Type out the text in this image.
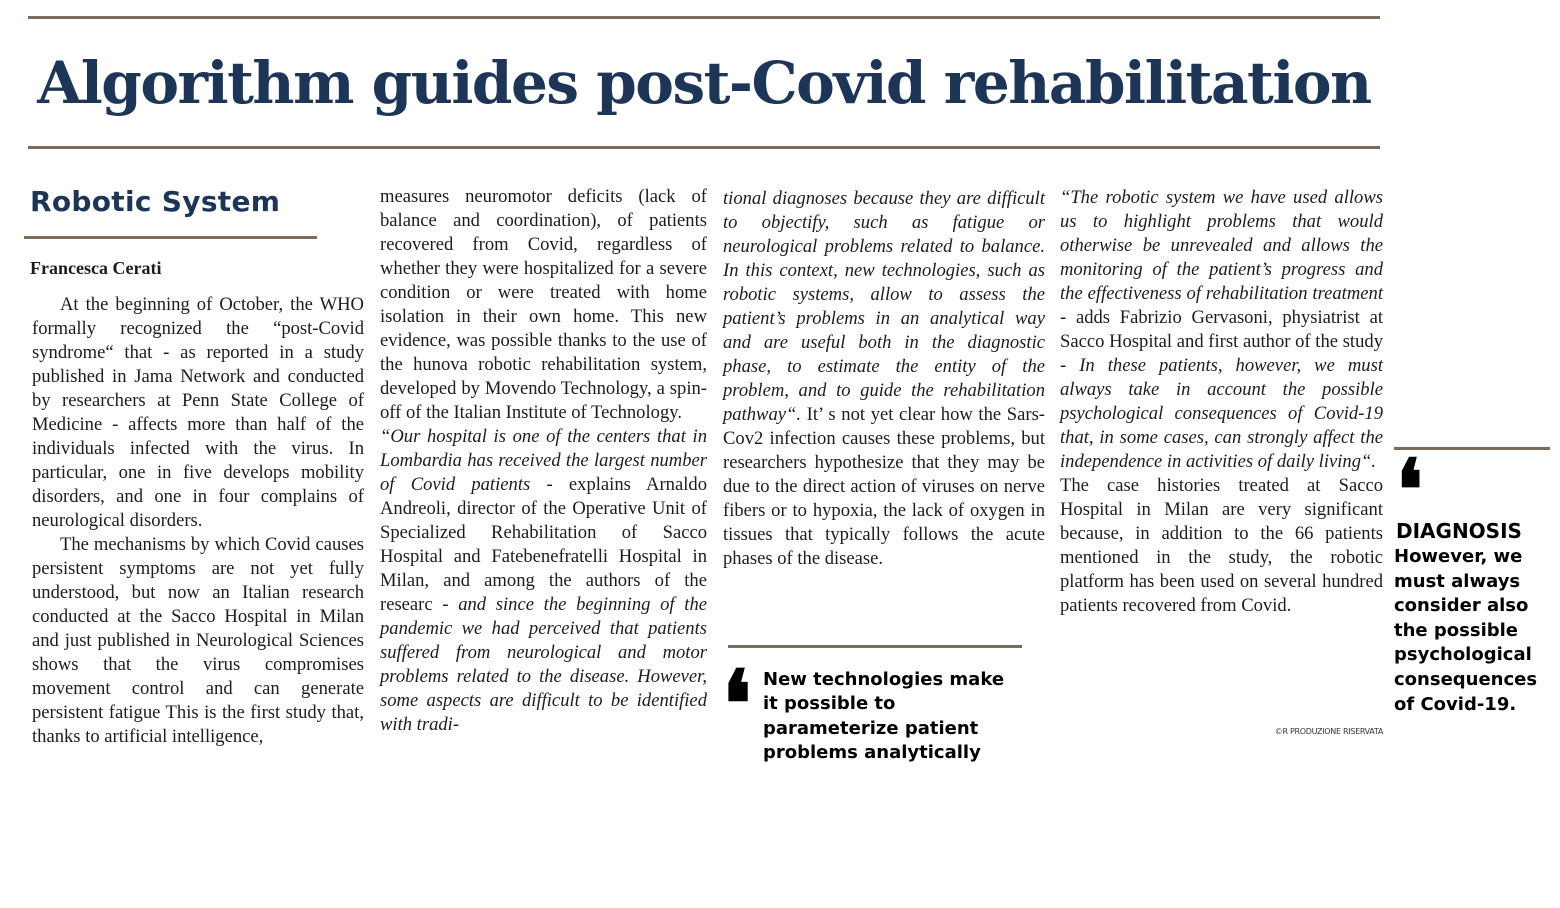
Algorithm guides post-Covid rehabilitation
Robotic System
Francesca Cerati

At the beginning of October, the WHO formally recognized the “post-Covid syndrome“ that - as reported in a study published in Jama Network and conducted by researchers at Penn State College of Medicine - affects more than half of the individuals infected with the virus. In particular, one in five develops mobility disorders, and one in four complains of neurological disorders.

The mechanisms by which Covid causes persistent symptoms are not yet fully understood, but now an Italian research conducted at the Sacco Hospital in Milan and just published in Neurological Sciences shows that the virus compromises movement control and can generate persistent fatigue This is the first study that, thanks to artificial intelligence,

measures neuromotor deficits (lack of balance and coordination), of patients recovered from Covid, regardless of whether they were hospitalized for a severe condition or were treated with home isolation in their own home. This new evidence, was possible thanks to the use of the hunova robotic rehabilitation system, developed by Movendo Technology, a spin-off of the Italian Institute of Technology.

“Our hospital is one of the centers that in Lombardia has received the largest number of Covid patients - explains Arnaldo Andreoli, director of the Operative Unit of Specialized Rehabilitation of Sacco Hospital and Fatebenefratelli Hospital in Milan, and among the authors of the researc - and since the beginning of the pandemic we had perceived that patients suffered from neurological and motor problems related to the disease. However, some aspects are difficult to be identified with tradi-

tional diagnoses because they are difficult to objectify, such as fatigue or neurological problems related to balance. In this context, new technologies, such as robotic systems, allow to assess the patient’s problems in an analytical way and are useful both in the diagnostic phase, to estimate the entity of the problem, and to guide the rehabilitation pathway“. It’ s not yet clear how the Sars-Cov2 infection causes these problems, but researchers hypothesize that they may be due to the direct action of viruses on nerve fibers or to hypoxia, the lack of oxygen in tissues that typically follows the acute phases of the disease.

❛ New technologies make it possible to parameterize patient problems analytically

“The robotic system we have used allows us to highlight problems that would otherwise be unrevealed and allows the monitoring of the patient’s progress and the effectiveness of rehabilitation treatment - adds Fabrizio Gervasoni, physiatrist at Sacco Hospital and first author of the study - In these patients, however, we must always take in account the possible psychological consequences of Covid-19 that, in some cases, can strongly affect the independence in activities of daily living“.

The case histories treated at Sacco Hospital in Milan are very significant because, in addition to the 66 patients mentioned in the study, the robotic platform has been used on several hundred patients recovered from Covid.

©R PRODUZIONE RISERVATA
❛
DIAGNOSIS

However, we must always consider also the possible psychological consequences of Covid-19.
